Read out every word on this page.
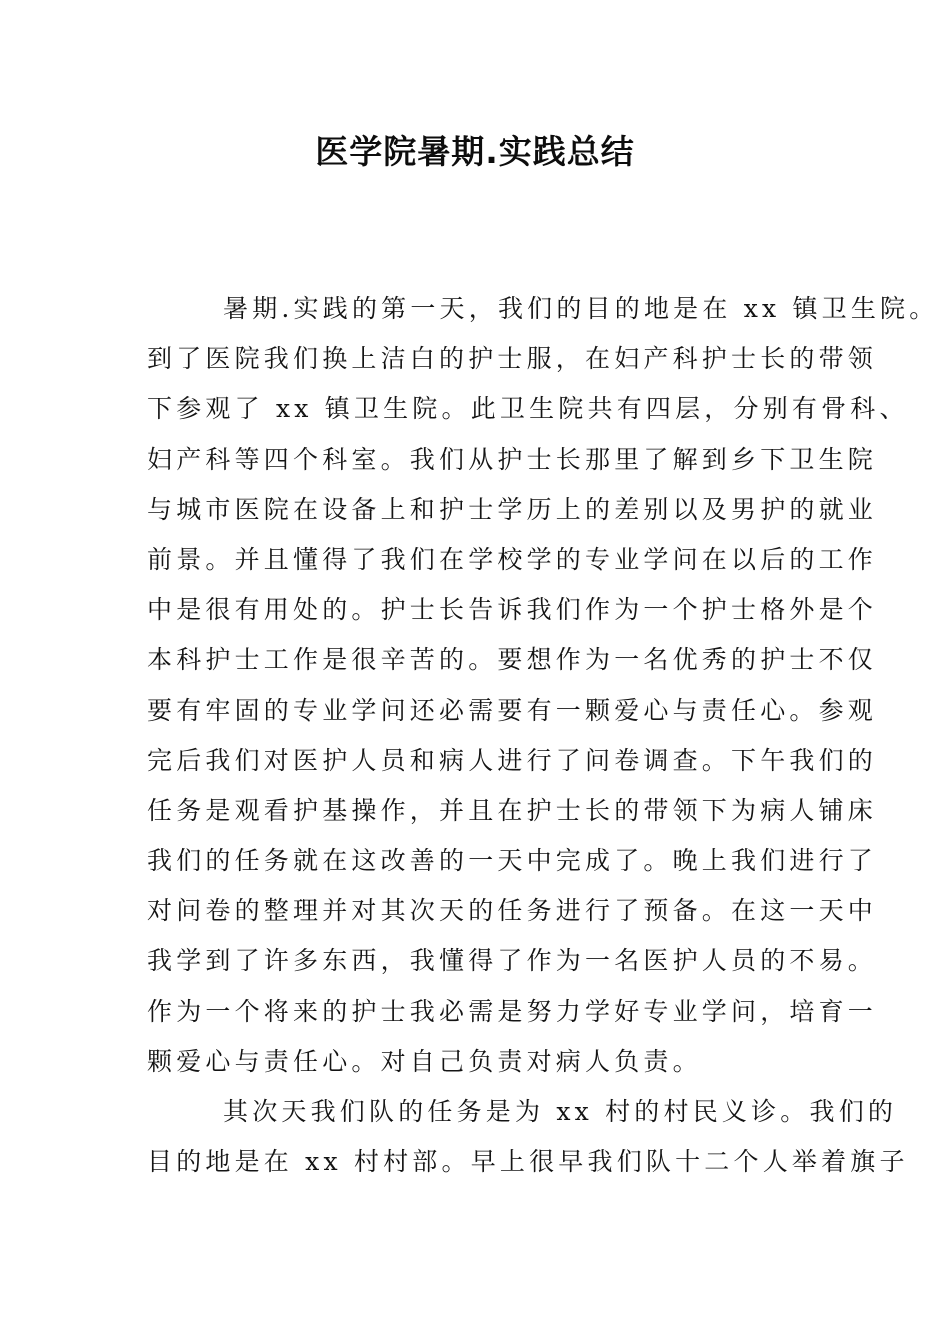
医学院暑期.实践总结
暑期.实践的第一天，我们的目的地是在 xx 镇卫生院。
到了医院我们换上洁白的护士服，在妇产科护士长的带领
下参观了 xx 镇卫生院。此卫生院共有四层，分别有骨科、
妇产科等四个科室。我们从护士长那里了解到乡下卫生院
与城市医院在设备上和护士学历上的差别以及男护的就业
前景。并且懂得了我们在学校学的专业学问在以后的工作
中是很有用处的。护士长告诉我们作为一个护士格外是个
本科护士工作是很辛苦的。要想作为一名优秀的护士不仅
要有牢固的专业学问还必需要有一颗爱心与责任心。参观
完后我们对医护人员和病人进行了问卷调查。下午我们的
任务是观看护基操作，并且在护士长的带领下为病人铺床
我们的任务就在这改善的一天中完成了。晚上我们进行了
对问卷的整理并对其次天的任务进行了预备。在这一天中
我学到了许多东西，我懂得了作为一名医护人员的不易。
作为一个将来的护士我必需是努力学好专业学问，培育一
颗爱心与责任心。对自己负责对病人负责。
其次天我们队的任务是为 xx 村的村民义诊。我们的
目的地是在 xx 村村部。早上很早我们队十二个人举着旗子
